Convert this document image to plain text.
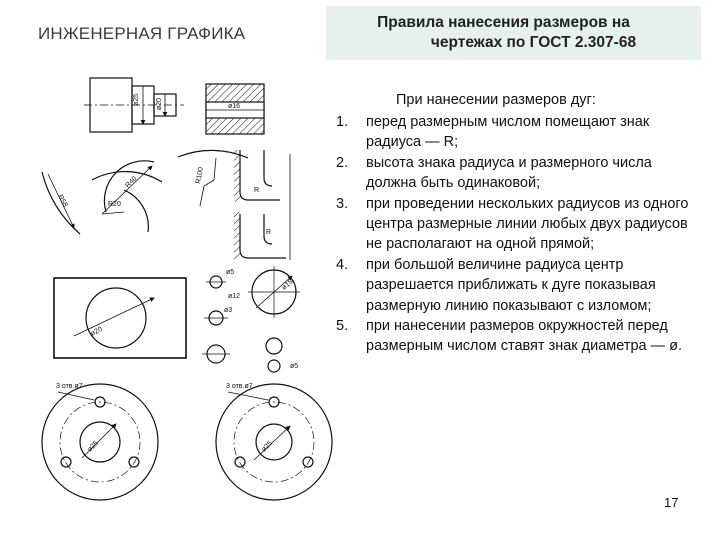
ИНЖЕНЕРНАЯ ГРАФИКА
Правила нанесения размеров на
чертежах по ГОСТ 2.307-68
ø25 ø20	ø16
R58
R40
R20
R100
R
R
ø20
ø5
ø3
ø12
ø15
ø5
3 отв.ø7	3 отв.ø7
ø25	ø25
При нанесении размеров дуг:
1. перед размерным числом помещают знак радиуса — R;
2. высота знака радиуса и размерного числа должна быть одинаковой;
3. при проведении нескольких радиусов из одного центра размерные линии любых двух радиусов не располагают на одной прямой;
4. при большой величине радиуса центр разрешается приближать к дуге показывая размерную линию показывают с изломом;
5. при нанесении размеров окружностей перед размерным числом ставят знак диаметра — ø.
17
